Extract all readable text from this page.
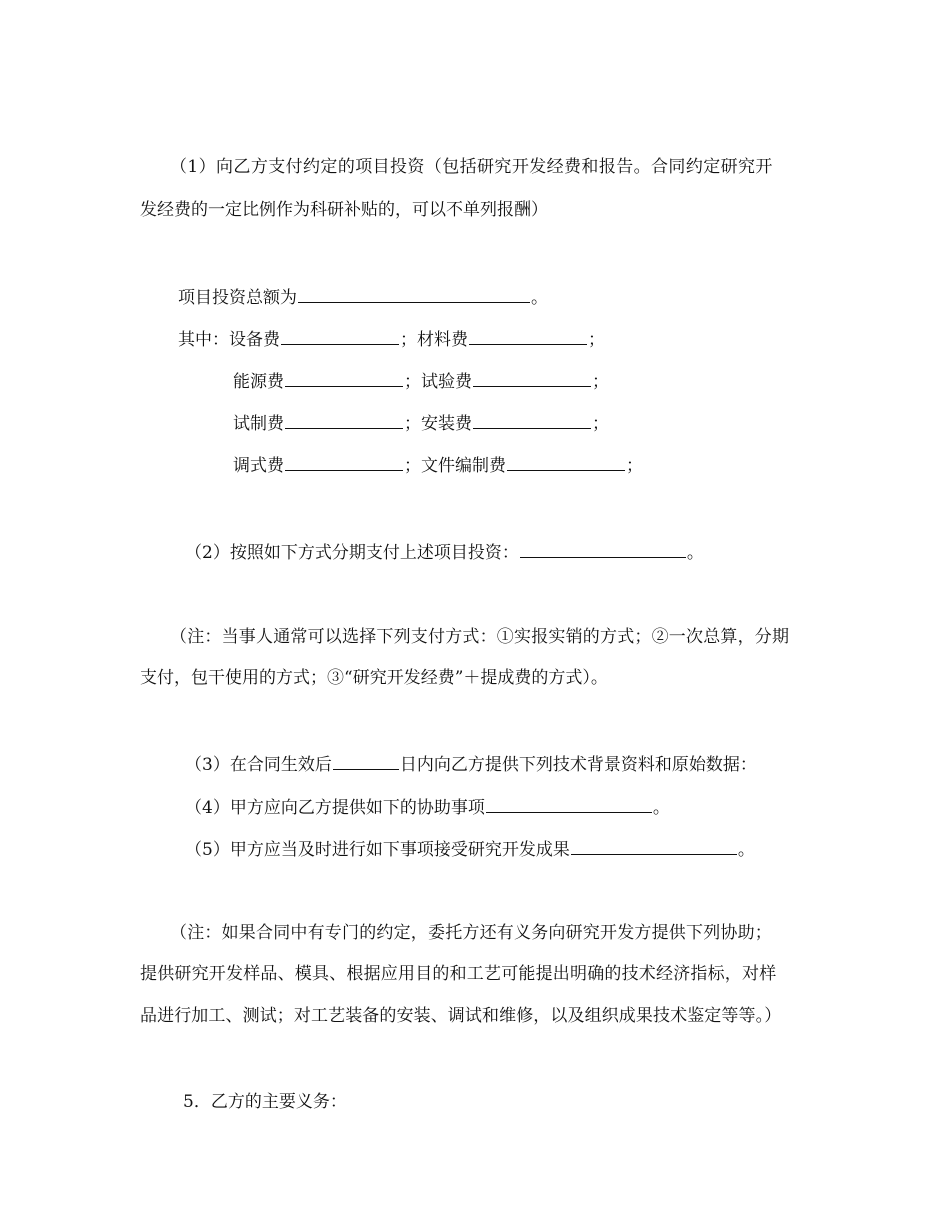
（1）向乙方支付约定的项目投资（包括研究开发经费和报告。合同约定研究开
发经费的一定比例作为科研补贴的，可以不单列报酬）
项目投资总额为	。
其中：设备费	；材料费	；
能源费	；试验费	；
试制费	；安装费	；
调式费	；文件编制费	；
（2）按照如下方式分期支付上述项目投资：	。
（注：当事人通常可以选择下列支付方式：①实报实销的方式；②一次总算，分期
支付，包干使用的方式；③“研究开发经费”＋提成费的方式）。
（3）在合同生效后	日内向乙方提供下列技术背景资料和原始数据：
（4）甲方应向乙方提供如下的协助事项	。
（5）甲方应当及时进行如下事项接受研究开发成果	。
（注：如果合同中有专门的约定，委托方还有义务向研究开发方提供下列协助；
提供研究开发样品、模具、根据应用目的和工艺可能提出明确的技术经济指标，对样
品进行加工、测试；对工艺装备的安装、调试和维修，以及组织成果技术鉴定等等。）
5．乙方的主要义务：
